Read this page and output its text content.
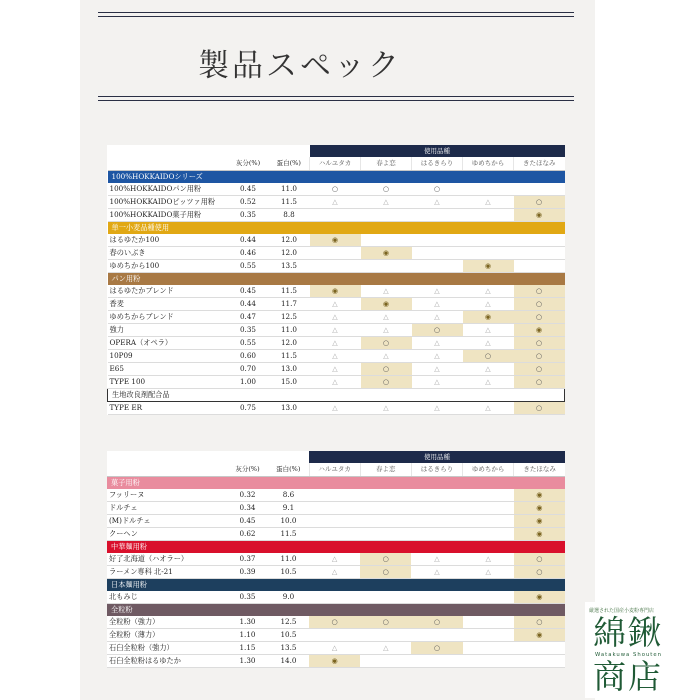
製品スペック
			使用品種				
	灰分(%)	蛋白(%)	ハルユタカ	春よ恋	はるきらり	ゆめちから	きたほなみ
100%HOKKAIDOシリーズ							
100%HOKKAIDOパン用粉	0.45	11.0	○	○	○		
100%HOKKAIDOピッツァ用粉	0.52	11.5	△	△	△	△	○
100%HOKKAIDO菓子用粉	0.35	8.8					◉
単一小麦品種使用							
はるゆたか100	0.44	12.0	◉				
春のいぶき	0.46	12.0		◉			
ゆめちから100	0.55	13.5				◉	
パン用粉							
はるゆたかブレンド	0.45	11.5	◉	△	△	△	○
香麦	0.44	11.7	△	◉	△	△	○
ゆめちからブレンド	0.47	12.5	△	△	△	◉	○
強力	0.35	11.0	△	△	○	△	◉
OPERA（オペラ）	0.55	12.0	△	○	△	△	○
10P09	0.60	11.5	△	△	△	○	○
E65	0.70	13.0	△	○	△	△	○
TYPE 100	1.00	15.0	△	○	△	△	○
生地改良剤配合品							
TYPE ER	0.75	13.0	△	△	△	△	○
			使用品種				
	灰分(%)	蛋白(%)	ハルユタカ	春よ恋	はるきらり	ゆめちから	きたほなみ
菓子用粉							
フッリーヌ	0.32	8.6					◉
ドルチェ	0.34	9.1					◉
(M)ドルチェ	0.45	10.0					◉
クーヘン	0.62	11.5					◉
中華麺用粉							
好了北海道（ハオラー）	0.37	11.0	△	○	△	△	○
ラーメン専科 北-21	0.39	10.5	△	○	△	△	○
日本麺用粉							
北もみじ	0.35	9.0					◉
全粒粉							
全粒粉（強力）	1.30	12.5	○	○	○		○
全粒粉（薄力）	1.10	10.5					◉
石臼全粒粉（強力）	1.15	13.5	△	△	○		
石臼全粒粉はるゆたか	1.30	14.0	◉				
厳選された国産小麦粉専門店
綿鍬
Watakuwa Shouten
商店
